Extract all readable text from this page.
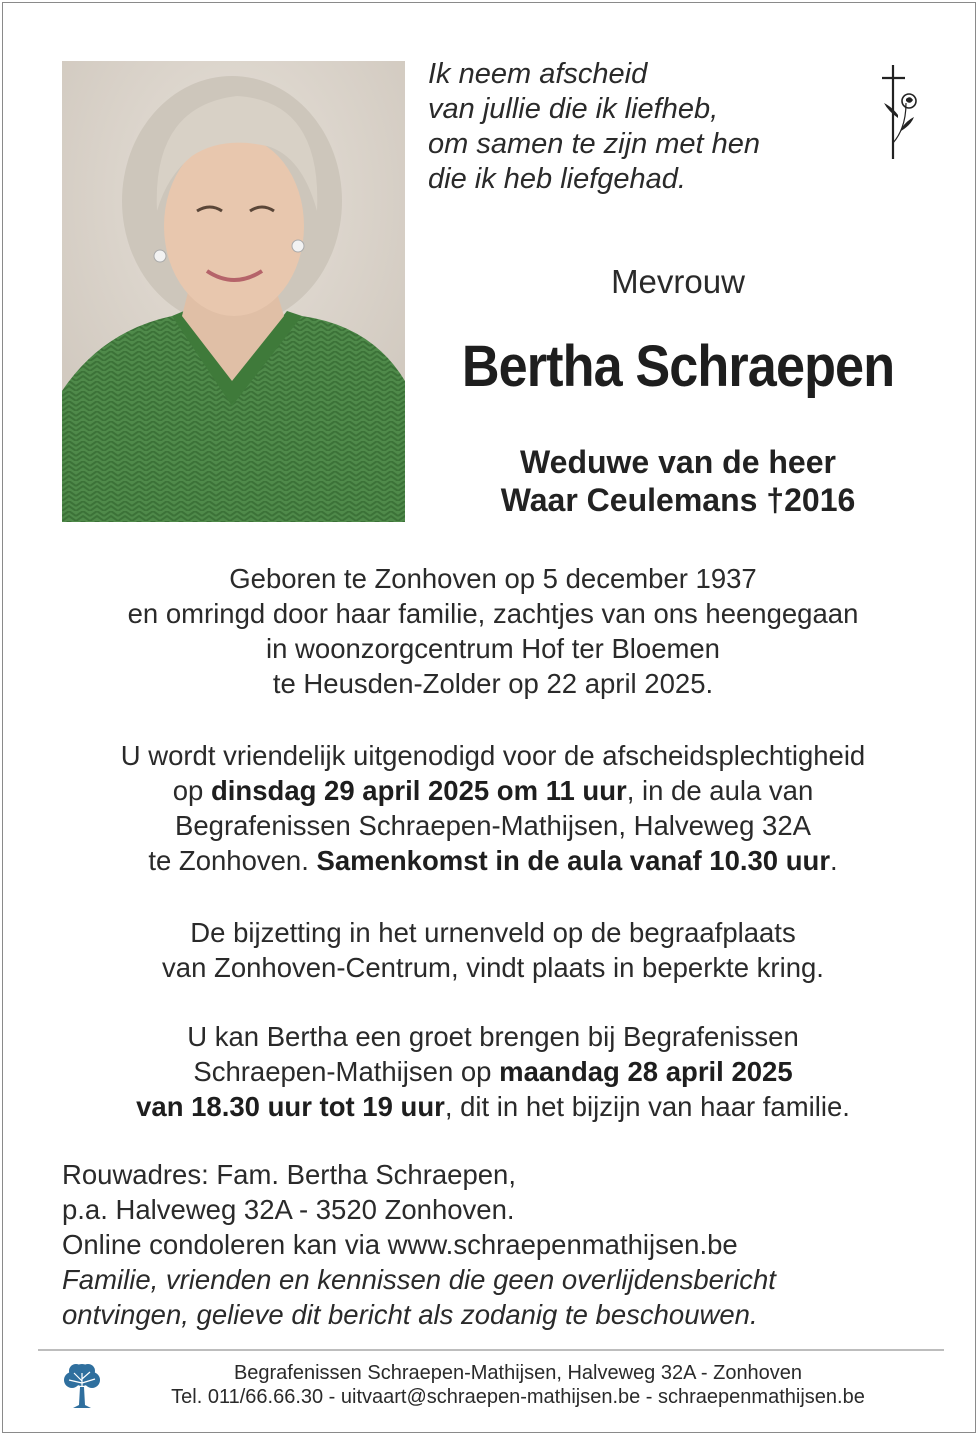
Ik neem afscheid
van jullie die ik liefheb,
om samen te zijn met hen
die ik heb liefgehad.
Mevrouw
Bertha Schraepen
Weduwe van de heer
Waar Ceulemans †2016
Geboren te Zonhoven op 5 december 1937
en omringd door haar familie, zachtjes van ons heengegaan
in woonzorgcentrum Hof ter Bloemen
te Heusden-Zolder op 22 april 2025.
U wordt vriendelijk uitgenodigd voor de afscheidsplechtigheid
op dinsdag 29 april 2025 om 11 uur, in de aula van
Begrafenissen Schraepen-Mathijsen, Halveweg 32A
te Zonhoven. Samenkomst in de aula vanaf 10.30 uur.
De bijzetting in het urnenveld op de begraafplaats
van Zonhoven-Centrum, vindt plaats in beperkte kring.
U kan Bertha een groet brengen bij Begrafenissen
Schraepen-Mathijsen op maandag 28 april 2025
van 18.30 uur tot 19 uur, dit in het bijzijn van haar familie.
Rouwadres: Fam. Bertha Schraepen,
p.a. Halveweg 32A - 3520 Zonhoven.
Online condoleren kan via www.schraepenmathijsen.be
Familie, vrienden en kennissen die geen overlijdensbericht
ontvingen, gelieve dit bericht als zodanig te beschouwen.
Begrafenissen Schraepen-Mathijsen, Halveweg 32A - Zonhoven
Tel. 011/66.66.30 - uitvaart@schraepen-mathijsen.be - schraepenmathijsen.be
